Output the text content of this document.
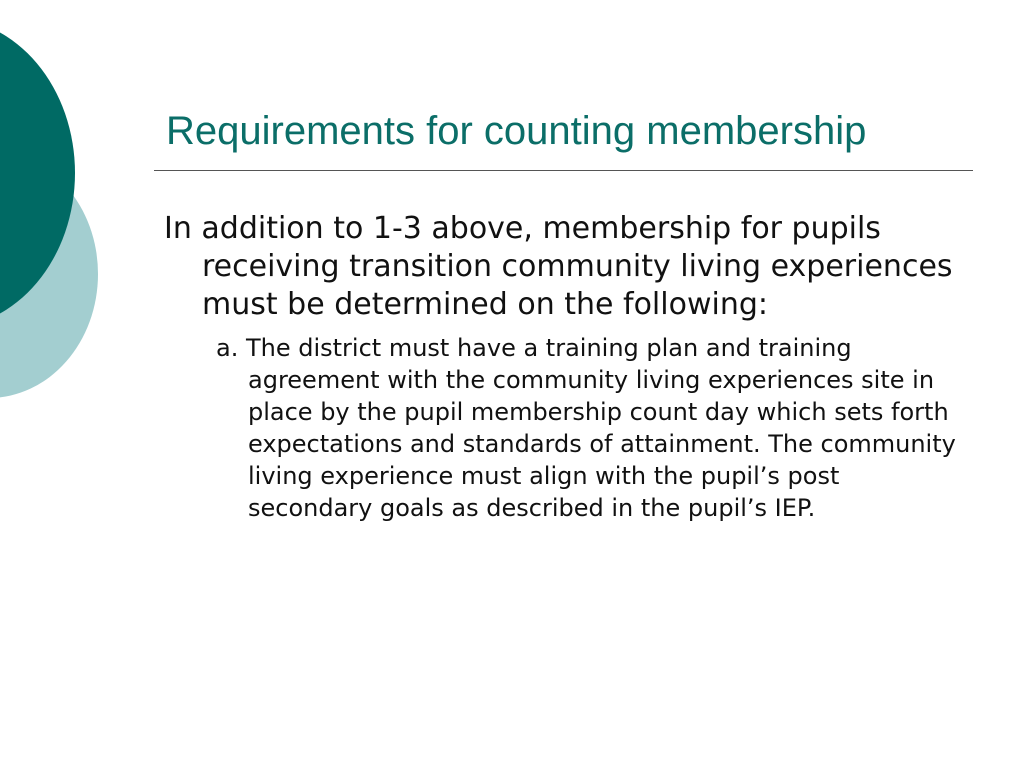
Requirements for counting membership

In addition to 1-3 above, membership for pupils receiving transition community living experiences must be determined on the following:

a. The district must have a training plan and training agreement with the community living experiences site in place by the pupil membership count day which sets forth expectations and standards of attainment. The community living experience must align with the pupil’s post secondary goals as described in the pupil’s IEP.
